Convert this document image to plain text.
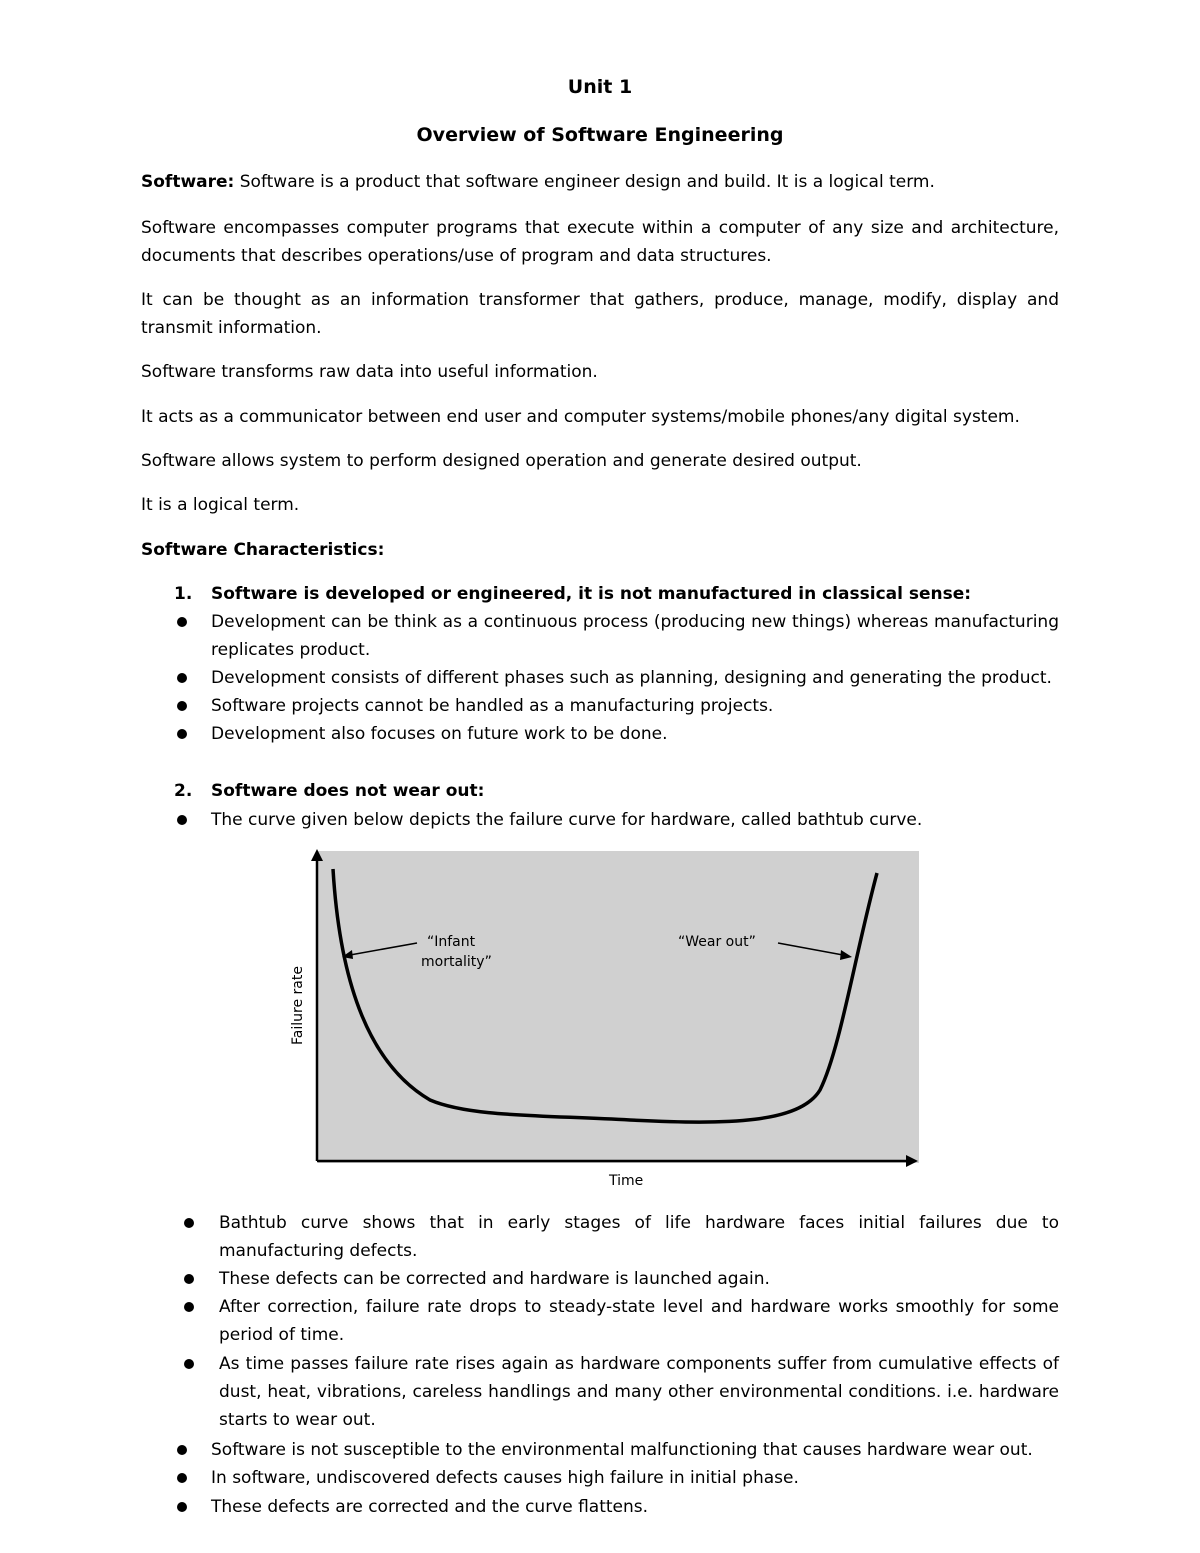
Unit 1
Overview of Software Engineering

Software: Software is a product that software engineer design and build. It is a logical term.

Software encompasses computer programs that execute within a computer of any size and architecture, documents that describes operations/use of program and data structures.

It can be thought as an information transformer that gathers, produce, manage, modify, display and transmit information.

Software transforms raw data into useful information.

It acts as a communicator between end user and computer systems/mobile phones/any digital system.

Software allows system to perform designed operation and generate desired output.

It is a logical term.

Software Characteristics:

1. Software is developed or engineered, it is not manufactured in classical sense:
Development can be think as a continuous process (producing new things) whereas manufacturing replicates product.
Development consists of different phases such as planning, designing and generating the product.
Software projects cannot be handled as a manufacturing projects.
Development also focuses on future work to be done.
2. Software does not wear out:
The curve given below depicts the failure curve for hardware, called bathtub curve.
“Infant
mortality”
“Wear out”
Failure rate
Time
Bathtub curve shows that in early stages of life hardware faces initial failures due to manufacturing defects.
These defects can be corrected and hardware is launched again.
After correction, failure rate drops to steady-state level and hardware works smoothly for some period of time.
As time passes failure rate rises again as hardware components suffer from cumulative effects of dust, heat, vibrations, careless handlings and many other environmental conditions. i.e. hardware starts to wear out.
Software is not susceptible to the environmental malfunctioning that causes hardware wear out.
In software, undiscovered defects causes high failure in initial phase.
These defects are corrected and the curve flattens.
